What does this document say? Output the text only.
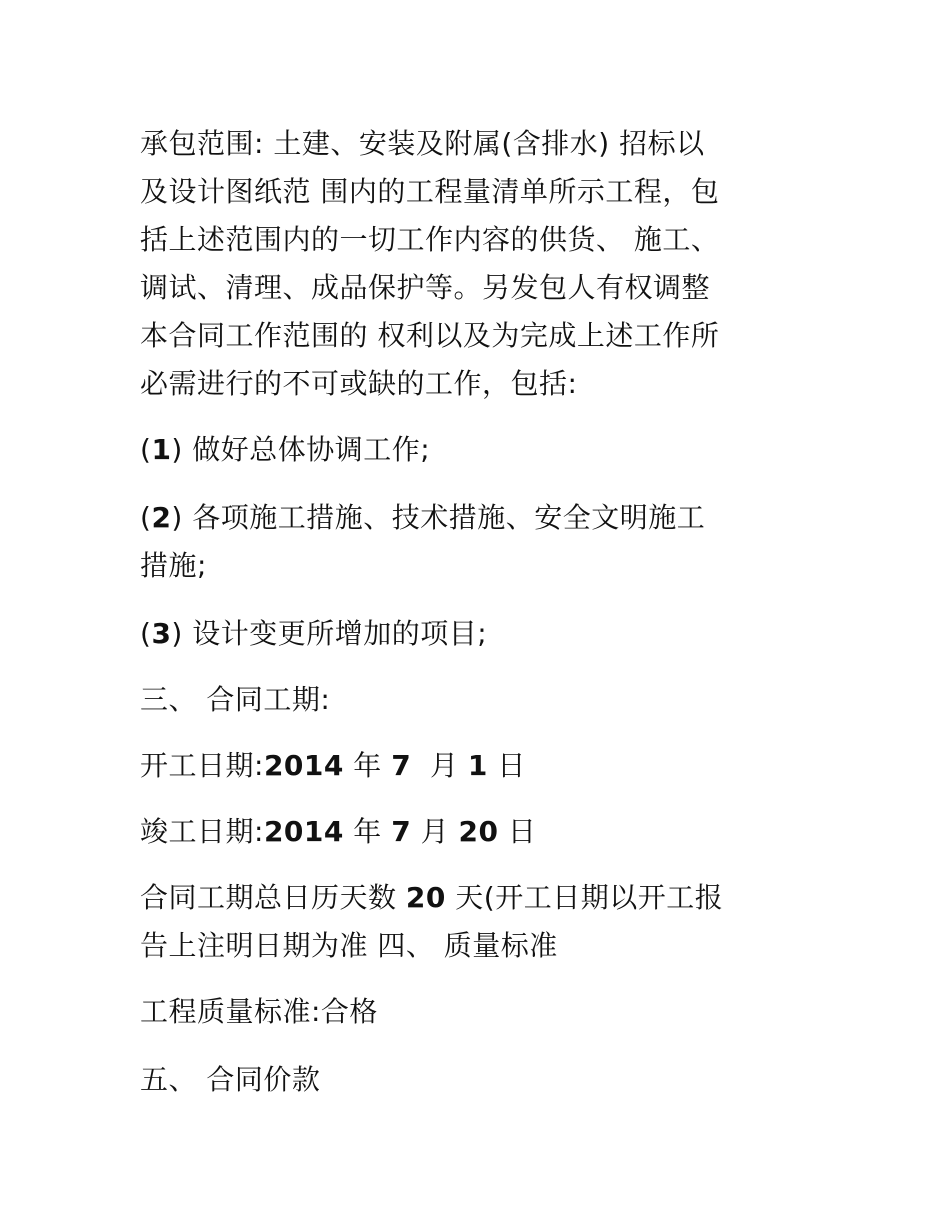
承包范围: 土建、安装及附属(含排水) 招标以
及设计图纸范 围内的工程量清单所示工程，包
括上述范围内的一切工作内容的供货、 施工、
调试、清理、成品保护等。另发包人有权调整
本合同工作范围的 权利以及为完成上述工作所
必需进行的不可或缺的工作，包括:
(1) 做好总体协调工作;
(2) 各项施工措施、技术措施、安全文明施工
措施;
(3) 设计变更所增加的项目;
三、 合同工期:
开工日期:2014 年 7 月 1 日
竣工日期:2014 年 7 月 20 日
合同工期总日历天数 20 天(开工日期以开工报
告上注明日期为准 四、 质量标准
工程质量标准:合格
五、 合同价款
